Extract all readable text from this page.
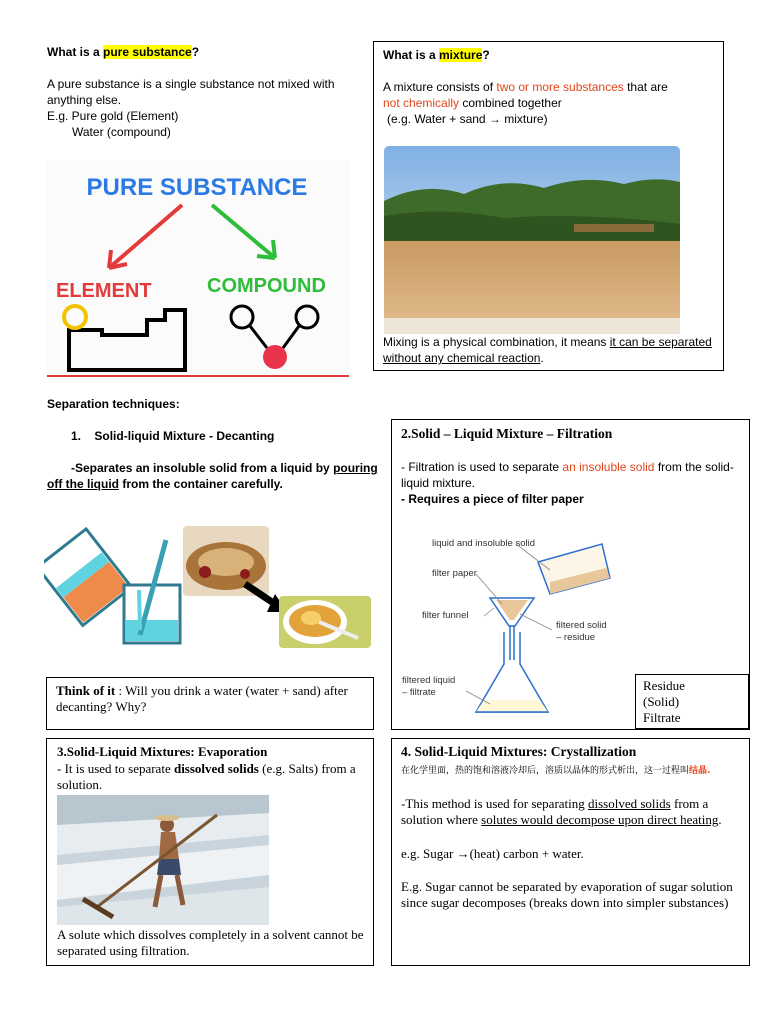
What is a pure substance?

A pure substance is a single substance not mixed with anything else.

E.g. Pure gold (Element)

Water (compound)

PURE SUBSTANCE
ELEMENT	COMPOUND

What is a mixture?

A mixture consists of two or more substances that are
not chemically combined together

(e.g. Water + sand → mixture)

Mixing is a physical combination, it means it can be separated without any chemical reaction.

Separation techniques:

1. Solid-liquid Mixture - Decanting

-Separates an insoluble solid from a liquid by pouring off the liquid from the container carefully.

Think of it : Will you drink a water (water + sand) after decanting? Why?

2.Solid – Liquid Mixture – Filtration

- Filtration is used to separate an insoluble solid from the solid-liquid mixture.

- Requires a piece of filter paper

liquid and insoluble solid
filter paper
filter funnel
filtered solid
– residue
filtered liquid
– filtrate	Residue

(Solid)

Filtrate

3.Solid-Liquid Mixtures: Evaporation

- It is used to separate dissolved solids (e.g. Salts) from a solution.

A solute which dissolves completely in a solvent cannot be separated using filtration.

4. Solid-Liquid Mixtures: Crystallization

在化学里面，热的饱和溶液冷却后，溶质以晶体的形式析出，这一过程叫结晶.

-This method is used for separating dissolved solids from a solution where solutes would decompose upon direct heating.

e.g. Sugar →(heat) carbon + water.

E.g. Sugar cannot be separated by evaporation of sugar solution since sugar decomposes (breaks down into simpler substances)
